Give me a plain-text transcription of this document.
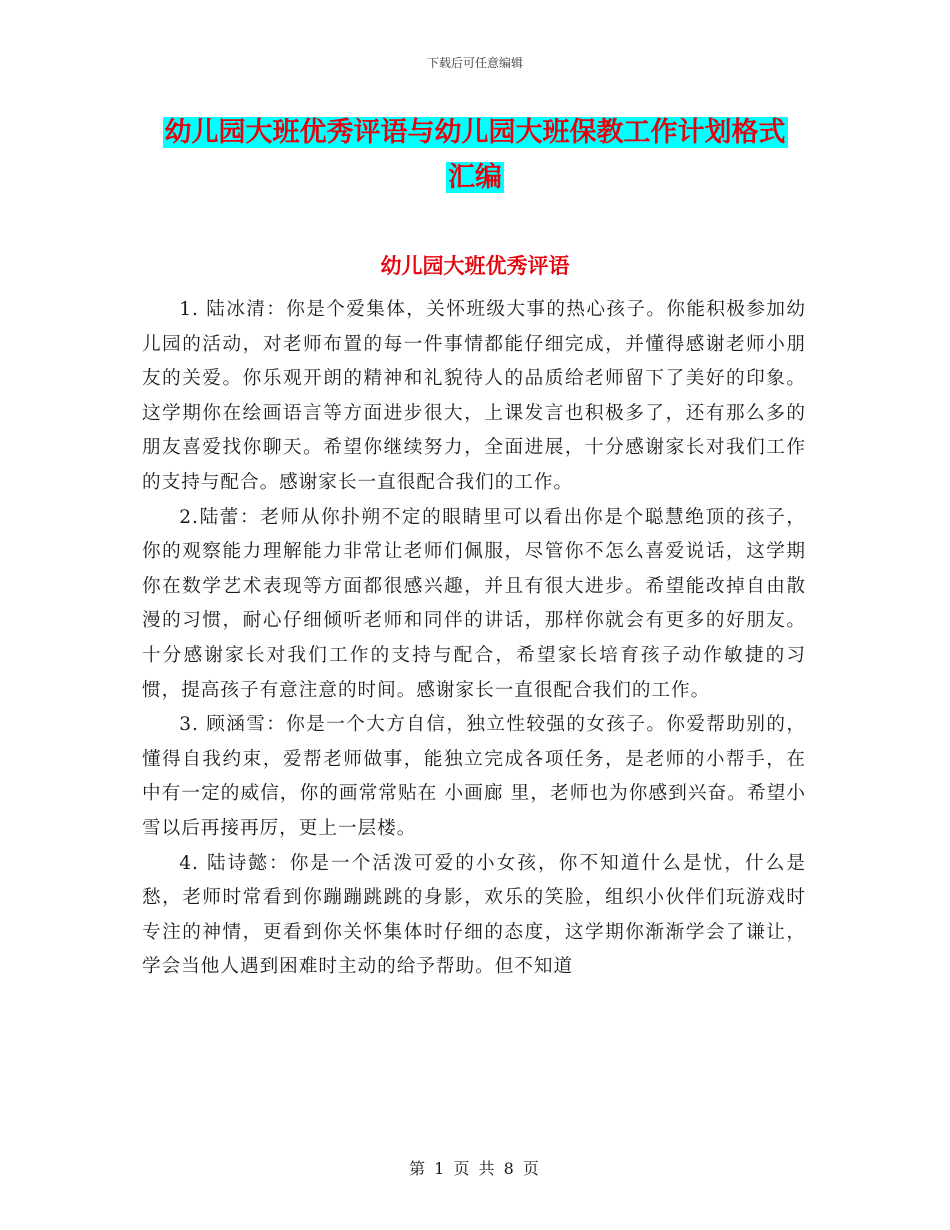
下载后可任意编辑
幼儿园大班优秀评语与幼儿园大班保教工作计划格式
汇编
幼儿园大班优秀评语

1. 陆冰清：你是个爱集体，关怀班级大事的热心孩子。你能积极参加幼儿园的活动，对老师布置的每一件事情都能仔细完成，并懂得感谢老师小朋友的关爱。你乐观开朗的精神和礼貌待人的品质给老师留下了美好的印象。这学期你在绘画语言等方面进步很大，上课发言也积极多了，还有那么多的朋友喜爱找你聊天。希望你继续努力，全面进展，十分感谢家长对我们工作的支持与配合。感谢家长一直很配合我们的工作。

2.陆蕾：老师从你扑朔不定的眼睛里可以看出你是个聪慧绝顶的孩子，你的观察能力理解能力非常让老师们佩服，尽管你不怎么喜爱说话，这学期你在数学艺术表现等方面都很感兴趣，并且有很大进步。希望能改掉自由散漫的习惯，耐心仔细倾听老师和同伴的讲话，那样你就会有更多的好朋友。十分感谢家长对我们工作的支持与配合，希望家长培育孩子动作敏捷的习惯，提高孩子有意注意的时间。感谢家长一直很配合我们的工作。

3. 顾涵雪：你是一个大方自信，独立性较强的女孩子。你爱帮助别的，懂得自我约束，爱帮老师做事，能独立完成各项任务，是老师的小帮手，在中有一定的威信，你的画常常贴在 小画廊 里，老师也为你感到兴奋。希望小雪以后再接再厉，更上一层楼。

4. 陆诗懿：你是一个活泼可爱的小女孩，你不知道什么是忧，什么是愁，老师时常看到你蹦蹦跳跳的身影，欢乐的笑脸，组织小伙伴们玩游戏时专注的神情，更看到你关怀集体时仔细的态度，这学期你渐渐学会了谦让，学会当他人遇到困难时主动的给予帮助。但不知道

第 1 页 共 8 页
